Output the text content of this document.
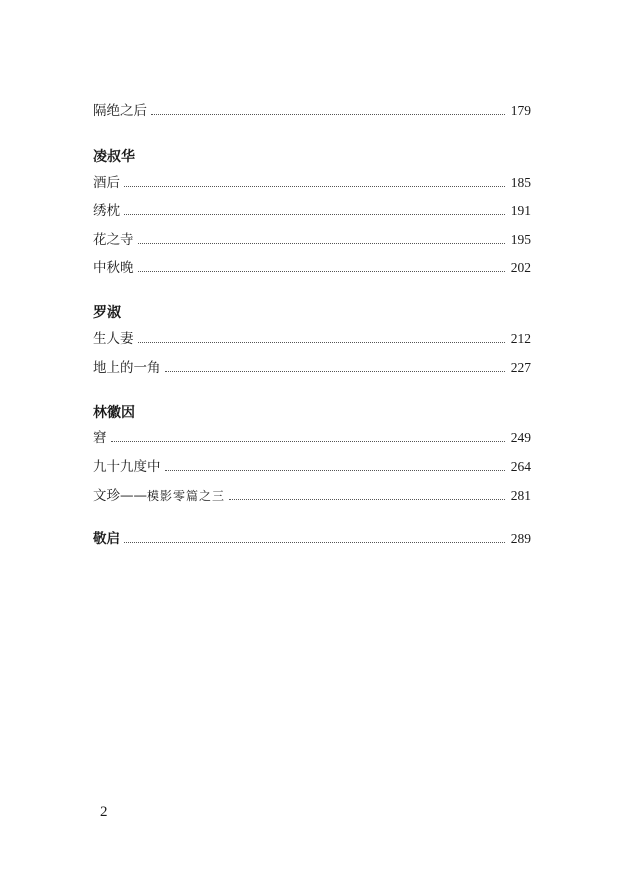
隔绝之后	179
凌叔华
酒后	185
绣枕	191
花之寺	195
中秋晚	202
罗淑
生人妻	212
地上的一角	227
林徽因
窘	249
九十九度中	264
文珍——模影零篇之三	281
敬启	289
2
